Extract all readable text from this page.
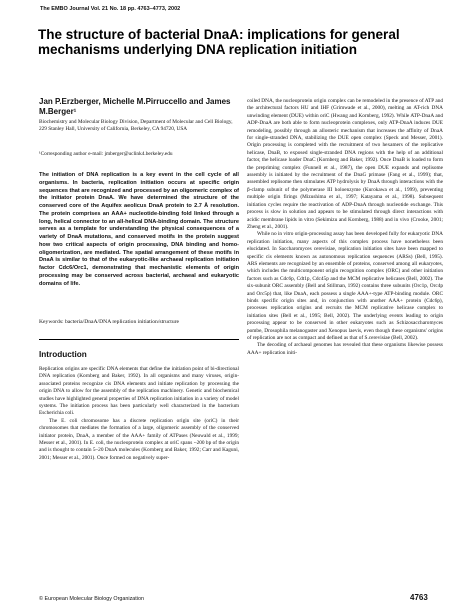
The EMBO Journal Vol. 21 No. 18 pp. 4763–4773, 2002
The structure of bacterial DnaA: implications for general mechanisms underlying DNA replication initiation
Jan P.Erzberger, Michelle M.Pirruccello and James M.Berger¹
Biochemistry and Molecular Biology Division, Department of Molecular and Cell Biology, 229 Stanley Hall, University of California, Berkeley, CA 94720, USA
¹Corresponding author e-mail: jmberger@uclink4.berkeley.edu
The initiation of DNA replication is a key event in the cell cycle of all organisms. In bacteria, replication initiation occurs at specific origin sequences that are recognized and processed by an oligomeric complex of the initiator protein DnaA. We have determined the structure of the conserved core of the Aquifex aeolicus DnaA protein to 2.7 Å resolution. The protein comprises an AAA+ nucleotide-binding fold linked through a long, helical connector to an all-helical DNA-binding domain. The structure serves as a template for understanding the physical consequences of a variety of DnaA mutations, and conserved motifs in the protein suggest how two critical aspects of origin processing, DNA binding and homo-oligomerization, are mediated. The spatial arrangement of these motifs in DnaA is similar to that of the eukaryotic-like archaeal replication initiation factor Cdc6/Orc1, demonstrating that mechanistic elements of origin processing may be conserved across bacterial, archaeal and eukaryotic domains of life.
Keywords: bacteria/DnaA/DNA replication initiation/structure
Introduction

Replication origins are specific DNA elements that define the initiation point of bi-directional DNA replication (Kornberg and Baker, 1992). In all organisms and many viruses, origin-associated proteins recognize cis DNA elements and initiate replication by processing the origin DNA to allow for the assembly of the replication machinery. Genetic and biochemical studies have highlighted general properties of DNA replication initiation in a variety of model systems. The initiation process has been particularly well characterized in the bacterium Escherichia coli.

The E. coli chromosome has a discrete replication origin site (oriC) in their chromosomes that mediates the formation of a large, oligomeric assembly of the conserved initiator protein, DnaA, a member of the AAA+ family of ATPases (Neuwald et al., 1999; Messer et al., 2001). In E. coli, the nucleoprotein complex at oriC spans ~200 bp of the origin and is thought to contain 5–20 DnaA molecules (Kornberg and Baker, 1992; Carr and Kaguni, 2001; Messer et al., 2001). Once formed on negatively super-

coiled DNA, the nucleoprotein origin complex can be remodeled in the presence of ATP and the architectural factors HU and IHF (Grimwade et al., 2000), melting an AT-rich DNA unwinding element (DUE) within oriC (Hwang and Kornberg, 1992). While ATP-DnaA and ADP-DnaA are both able to form nucleoprotein complexes, only ATP-DnaA induces DUE remodeling, possibly through an allosteric mechanism that increases the affinity of DnaA for single-stranded DNA, stabilizing the DUE open complex (Speck and Messer, 2001). Origin processing is completed with the recruitment of two hexamers of the replicative helicase, DnaB, to exposed single-stranded DNA regions with the help of an additional factor, the helicase loader DnaC (Kornberg and Baker, 1992). Once DnaB is loaded to form the prepriming complex (Funnell et al., 1987), the open DUE expands and replisome assembly is initiated by the recruitment of the DnaG primase (Fang et al., 1999); that, assembled replisome then stimulates ATP hydrolysis by DnaA through interactions with the β-clamp subunit of the polymerase III holoenzyme (Kurokawa et al., 1999), preventing multiple origin firings (Mizushima et al., 1997; Katayama et al., 1998). Subsequent initiation cycles require the reactivation of ADP-DnaA through nucleotide exchange. This process is slow in solution and appears to be stimulated through direct interactions with acidic membrane lipids in vitro (Sekimizu and Kornberg, 1988) and in vivo (Crooke, 2001; Zheng et al., 2001).

While no in vitro origin-processing assay has been developed fully for eukaryotic DNA replication initiation, many aspects of this complex process have nonetheless been elucidated. In Saccharomyces cerevisiae, replication initiation sites have been mapped to specific cis elements known as autonomous replication sequences (ARSs) (Bell, 1995). ARS elements are recognized by an ensemble of proteins, conserved among all eukaryotes, which includes the multicomponent origin recognition complex (ORC) and other initiation factors such as Cdc6p, Cdt1p, Cdc45p and the MCM replicative helicases (Bell, 2002). The six-subunit ORC assembly (Bell and Stillman, 1992) contains three subunits (Orc1p, Orc4p and Orc5p) that, like DnaA, each possess a single AAA+-type ATP-binding module. ORC binds specific origin sites and, in conjunction with another AAA+ protein (Cdc6p), processes replication origins and recruits the MCM replicative helicase complex to initiation sites (Bell et al., 1995; Bell, 2002). The underlying events leading to origin processing appear to be conserved in other eukaryotes such as Schizosaccharomyces pombe, Drosophila melanogaster and Xenopus laevis, even though these organisms' origins of replication are not as compact and defined as that of S.cerevisiae (Bell, 2002).

The decoding of archaeal genomes has revealed that these organisms likewise possess AAA+ replication initi-

© European Molecular Biology Organization	4763
